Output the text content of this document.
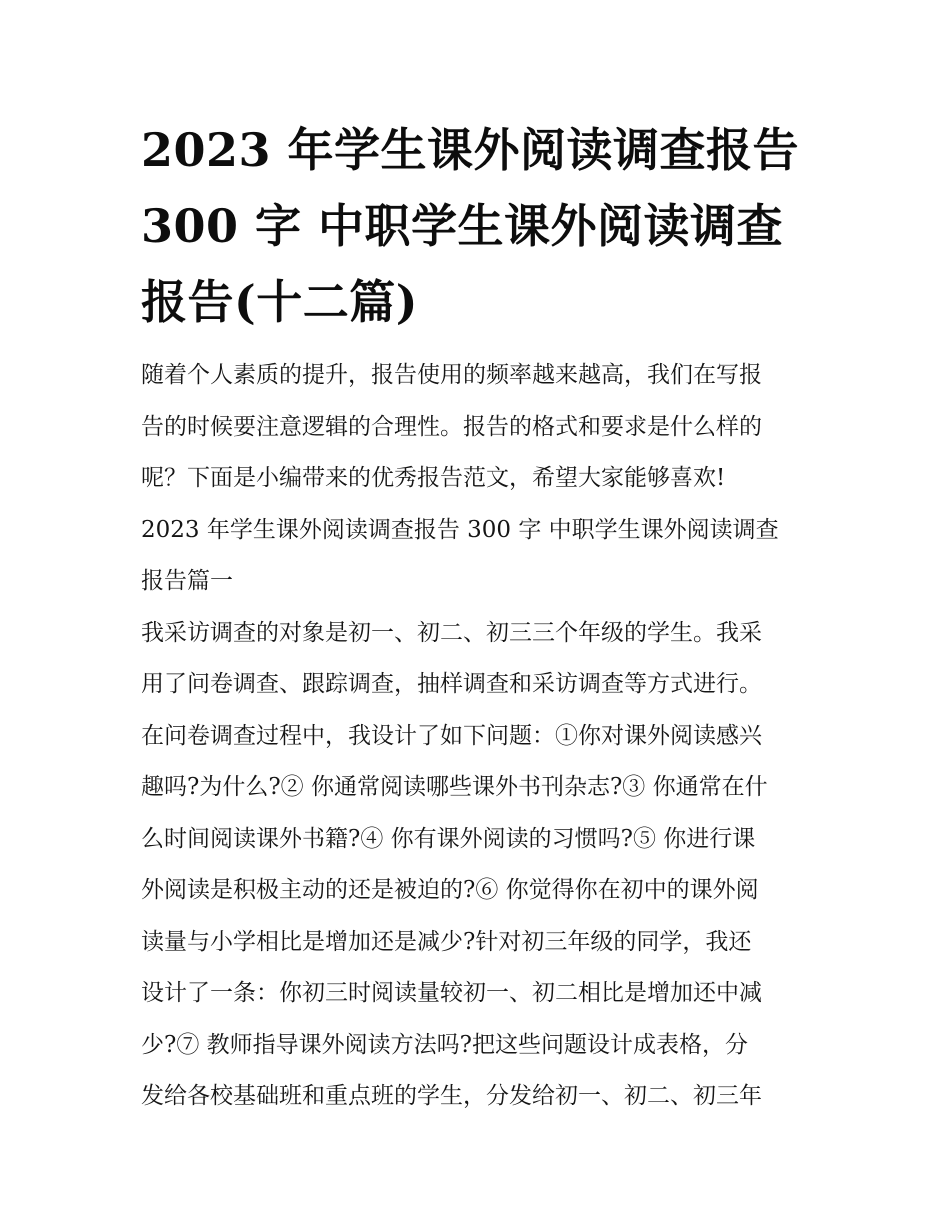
2023 年学生课外阅读调查报告
300 字 中职学生课外阅读调查
报告(十二篇)
随着个人素质的提升，报告使用的频率越来越高，我们在写报
告的时候要注意逻辑的合理性。报告的格式和要求是什么样的
呢？下面是小编带来的优秀报告范文，希望大家能够喜欢!
2023 年学生课外阅读调查报告 300 字 中职学生课外阅读调查
报告篇一
我采访调查的对象是初一、初二、初三三个年级的学生。我采
用了问卷调查、跟踪调查，抽样调查和采访调查等方式进行。
在问卷调查过程中，我设计了如下问题：①你对课外阅读感兴
趣吗?为什么?② 你通常阅读哪些课外书刊杂志?③ 你通常在什
么时间阅读课外书籍?④ 你有课外阅读的习惯吗?⑤ 你进行课
外阅读是积极主动的还是被迫的?⑥ 你觉得你在初中的课外阅
读量与小学相比是增加还是减少?针对初三年级的同学，我还
设计了一条：你初三时阅读量较初一、初二相比是增加还中减
少?⑦ 教师指导课外阅读方法吗?把这些问题设计成表格，分
发给各校基础班和重点班的学生，分发给初一、初二、初三年
